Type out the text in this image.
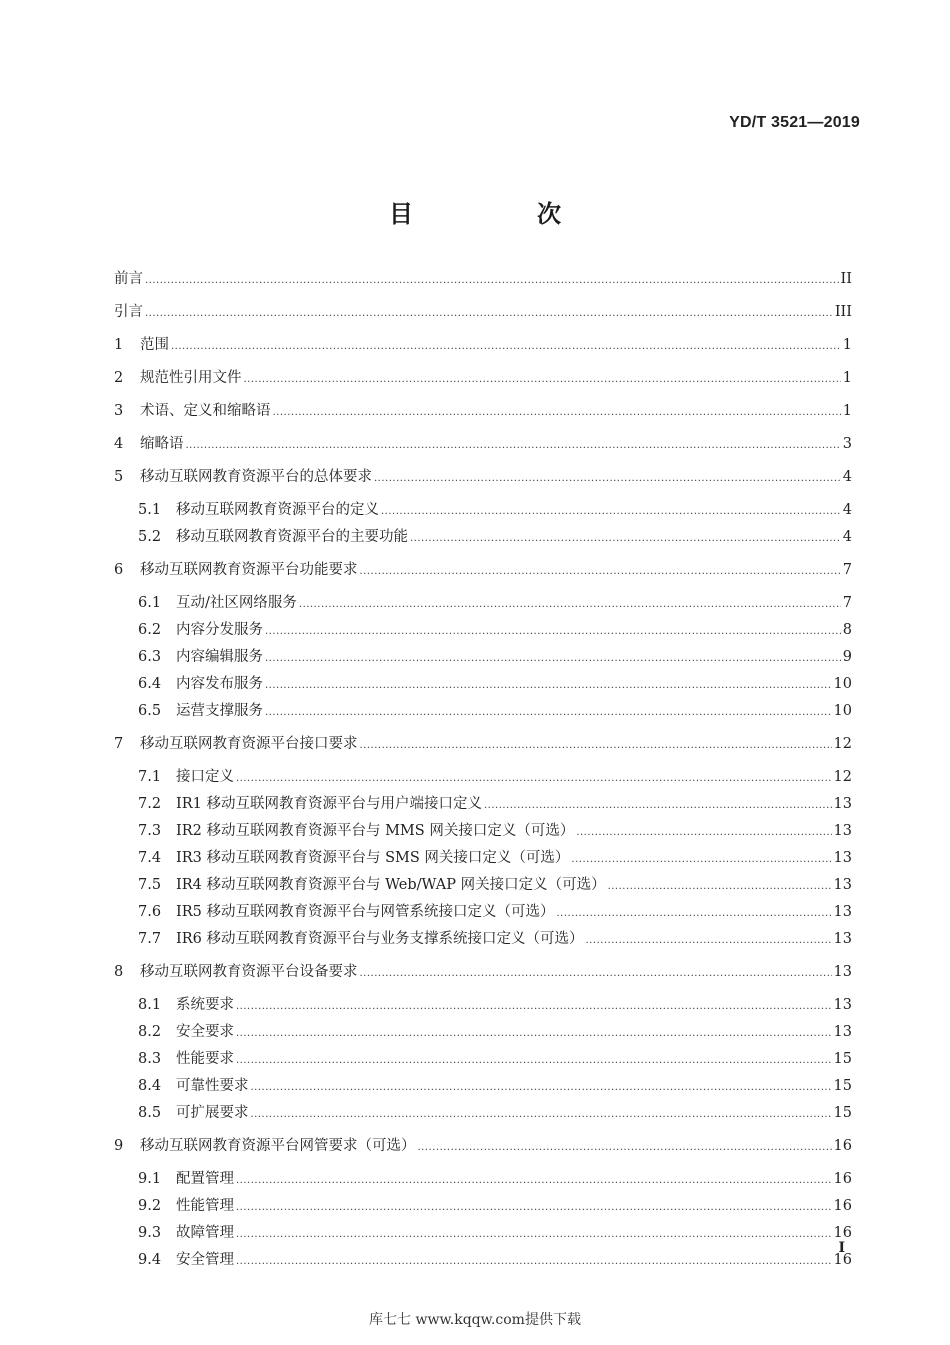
YD/T 3521—2019
目　次
前言 .....	II
引言 .....	III
1	范围 .....	1
2	规范性引用文件 .....	1
3	术语、定义和缩略语 .....	1
4	缩略语 .....	3
5	移动互联网教育资源平台的总体要求 .....	4
5.1	移动互联网教育资源平台的定义 .....	4
5.2	移动互联网教育资源平台的主要功能 .....	4
6	移动互联网教育资源平台功能要求 .....	7
6.1	互动/社区网络服务 .....	7
6.2	内容分发服务 .....	8
6.3	内容编辑服务 .....	9
6.4	内容发布服务 .....	10
6.5	运营支撑服务 .....	10
7	移动互联网教育资源平台接口要求 .....	12
7.1	接口定义 .....	12
7.2	IR1 移动互联网教育资源平台与用户端接口定义 .....	13
7.3	IR2 移动互联网教育资源平台与 MMS 网关接口定义（可选） .....	13
7.4	IR3 移动互联网教育资源平台与 SMS 网关接口定义（可选） .....	13
7.5	IR4 移动互联网教育资源平台与 Web/WAP 网关接口定义（可选） .....	13
7.6	IR5 移动互联网教育资源平台与网管系统接口定义（可选） .....	13
7.7	IR6 移动互联网教育资源平台与业务支撑系统接口定义（可选） .....	13
8	移动互联网教育资源平台设备要求 .....	13
8.1	系统要求 .....	13
8.2	安全要求 .....	13
8.3	性能要求 .....	15
8.4	可靠性要求 .....	15
8.5	可扩展要求 .....	15
9	移动互联网教育资源平台网管要求（可选） .....	16
9.1	配置管理 .....	16
9.2	性能管理 .....	16
9.3	故障管理 .....	16
9.4	安全管理 .....	16
I
库七七 www.kqqw.com提供下载
